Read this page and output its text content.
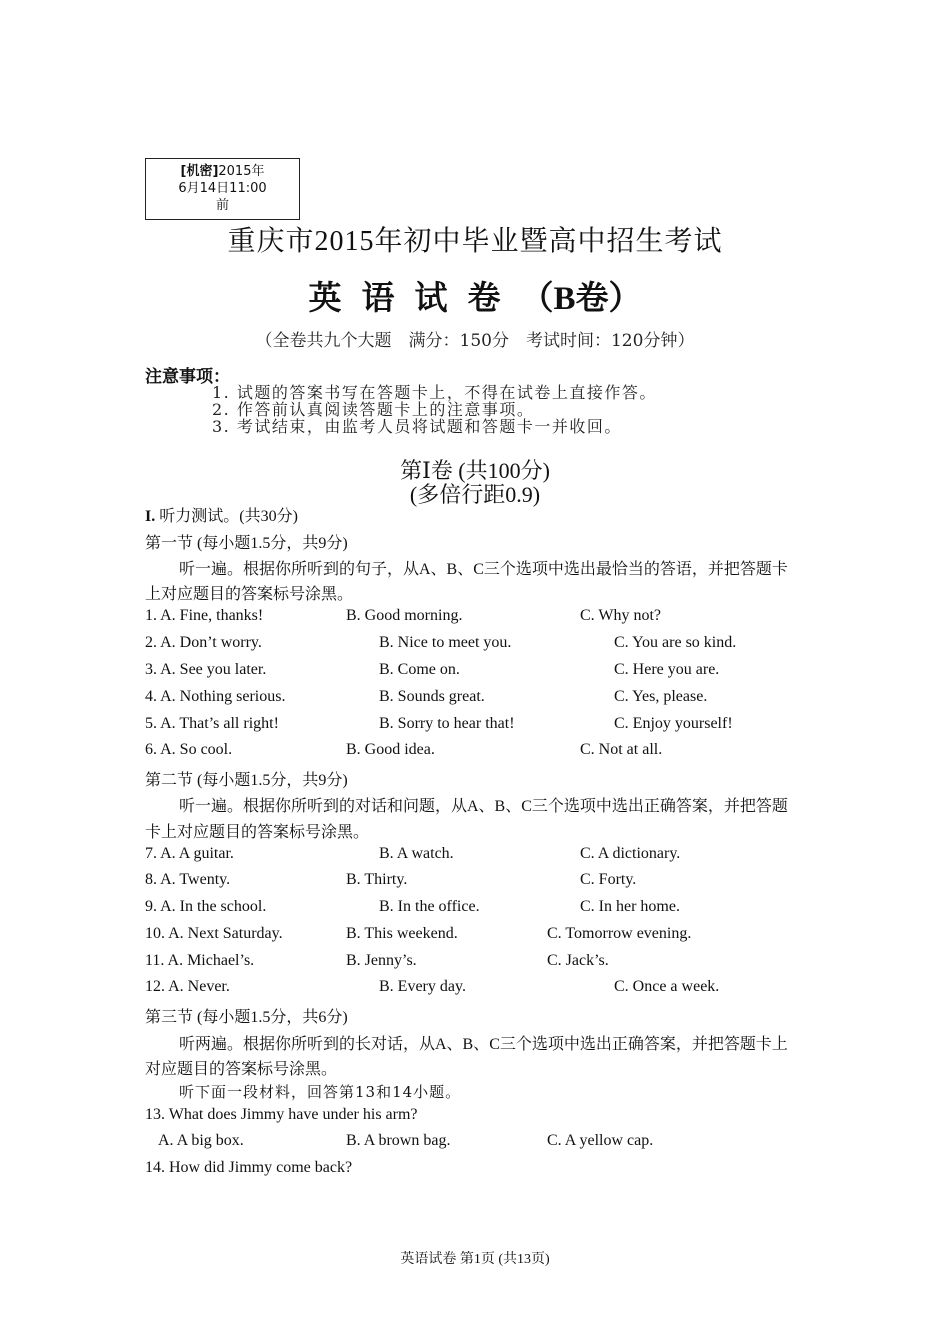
[机密]2015年
6月14日11:00
前
重庆市2015年初中毕业暨高中招生考试
英语试卷（B卷）
（全卷共九个大题　满分：150分　考试时间：120分钟）
注意事项：
1. 试题的答案书写在答题卡上，不得在试卷上直接作答。
2. 作答前认真阅读答题卡上的注意事项。
3. 考试结束，由监考人员将试题和答题卡一并收回。
第Ⅰ卷 (共100分)
(多倍行距0.9)
I. 听力测试。(共30分)
第一节 (每小题1.5分，共9分)
听一遍。根据你所听到的句子，从A、B、C三个选项中选出最恰当的答语，并把答题卡
上对应题目的答案标号涂黑。
1. A. Fine, thanks!	B. Good morning.	C. Why not?
2. A. Don’t worry.	B. Nice to meet you.	C. You are so kind.
3. A. See you later.	B. Come on.	C. Here you are.
4. A. Nothing serious.	B. Sounds great.	C. Yes, please.
5. A. That’s all right!	B. Sorry to hear that!	C. Enjoy yourself!
6. A. So cool.	B. Good idea.	C. Not at all.
第二节 (每小题1.5分，共9分)
听一遍。根据你所听到的对话和问题，从A、B、C三个选项中选出正确答案，并把答题
卡上对应题目的答案标号涂黑。
7. A. A guitar.	B. A watch.	C. A dictionary.
8. A. Twenty.	B. Thirty.	C. Forty.
9. A. In the school.	B. In the office.	C. In her home.
10. A. Next Saturday.	B. This weekend.	C. Tomorrow evening.
11. A. Michael’s.	B. Jenny’s.	C. Jack’s.
12. A. Never.	B. Every day.	C. Once a week.
第三节 (每小题1.5分，共6分)
听两遍。根据你所听到的长对话，从A、B、C三个选项中选出正确答案，并把答题卡上
对应题目的答案标号涂黑。
听下面一段材料，回答第13和14小题。
13. What does Jimmy have under his arm?
A. A big box.	B. A brown bag.	C. A yellow cap.
14. How did Jimmy come back?
英语试卷 第1页 (共13页)
